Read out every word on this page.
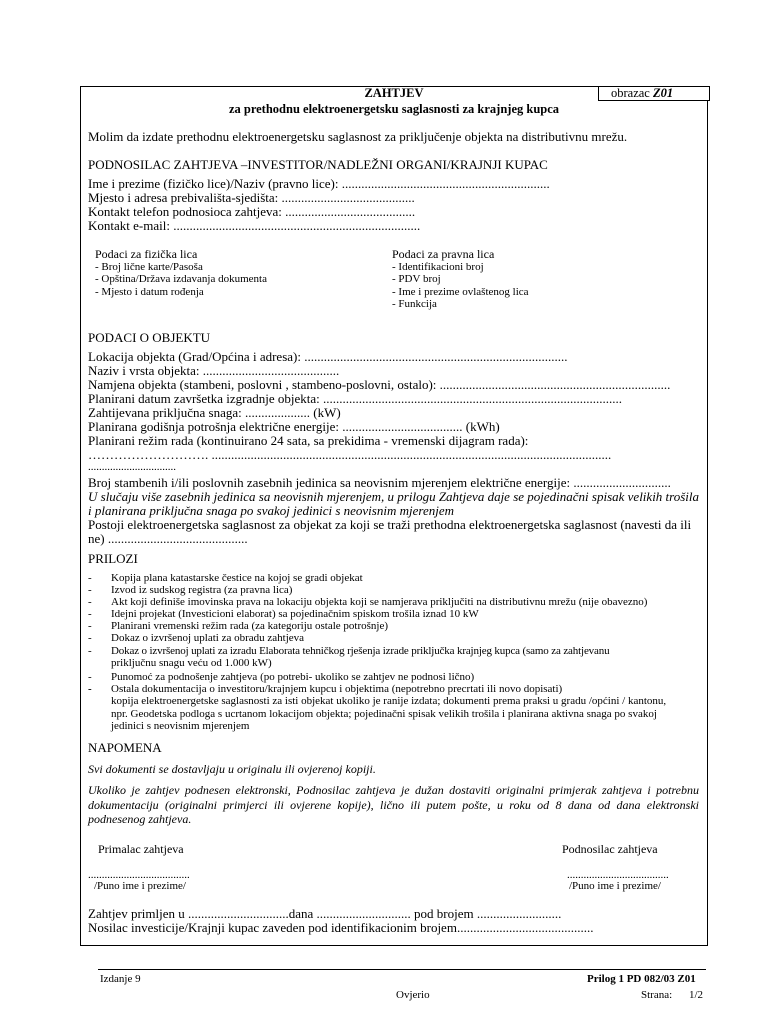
ZAHTJEV	obrazac Z01
za prethodnu elektroenergetsku saglasnosti za krajnjeg kupca
Molim da izdate prethodnu elektroenergetsku saglasnost za priključenje objekta na distributivnu mrežu.
PODNOSILAC ZAHTJEVA –INVESTITOR/NADLEŽNI ORGANI/KRAJNJI KUPAC
Ime i prezime (fizičko lice)/Naziv (pravno lice): ................................................................
Mjesto i adresa prebivališta-sjedišta: .........................................
Kontakt telefon podnosioca zahtjeva: ........................................
Kontakt e-mail: ............................................................................
Podaci za fizička lica
- Broj lične karte/Pasoša
- Opština/Država izdavanja dokumenta
- Mjesto i datum rođenja
Podaci za pravna lica
- Identifikacioni broj
- PDV broj
- Ime i prezime ovlaštenog lica
- Funkcija
PODACI O OBJEKTU
Lokacija objekta (Grad/Općina i adresa): .................................................................................
Naziv i vrsta objekta: ..........................................
Namjena objekta (stambeni, poslovni , stambeno-poslovni, ostalo): .......................................................................
Planirani datum završetka izgradnje objekta: ............................................................................................
Zahtijevana priključna snaga: .................... (kW)
Planirana godišnja potrošnja električne energije: ..................................... (kWh)
Planirani režim rada (kontinuirano 24 sata, sa prekidima - vremenski dijagram rada):
………………………. ...........................................................................................................................
................................
Broj stambenih i/ili poslovnih zasebnih jedinica sa neovisnim mjerenjem električne energije: ..............................
U slučaju više zasebnih jedinica sa neovisnih mjerenjem, u prilogu Zahtjeva daje se pojedinačni spisak velikih trošila
i planirana priključna snaga po svakoj jedinici s neovisnim mjerenjem
Postoji elektroenergetska saglasnost za objekat za koji se traži prethodna elektroenergetska saglasnost (navesti da ili
ne) ...........................................
PRILOZI
- Kopija plana katastarske čestice na kojoj se gradi objekat
- Izvod iz sudskog registra (za pravna lica)
- Akt koji definiše imovinska prava na lokaciju objekta koji se namjerava priključiti na distributivnu mrežu (nije obavezno)
- Idejni projekat (Investicioni elaborat) sa pojedinačnim spiskom trošila iznad 10 kW
- Planirani vremenski režim rada (za kategoriju ostale potrošnje)
- Dokaz o izvršenoj uplati za obradu zahtjeva
- Dokaz o izvršenoj uplati za izradu Elaborata tehničkog rješenja izrade priključka krajnjeg kupca (samo za zahtjevanu
priključnu snagu veću od 1.000 kW)
- Punomoć za podnošenje zahtjeva (po potrebi- ukoliko se zahtjev ne podnosi lično)
- Ostala dokumentacija o investitoru/krajnjem kupcu i objektima (nepotrebno precrtati ili novo dopisati)
kopija elektroenergetske saglasnosti za isti objekat ukoliko je ranije izdata; dokumenti prema praksi u gradu /općini / kantonu,
npr. Geodetska podloga s ucrtanom lokacijom objekta; pojedinačni spisak velikih trošila i planirana aktivna snaga po svakoj
jedinici s neovisnim mjerenjem
NAPOMENA
Svi dokumenti se dostavljaju u originalu ili ovjerenoj kopiji.
Ukoliko je zahtjev podnesen elektronski, Podnosilac zahtjeva je dužan dostaviti originalni primjerak zahtjeva i potrebnu dokumentaciju (originalni primjerci ili ovjerene kopije), lično ili putem pošte, u roku od 8 dana od dana elektronski podnesenog zahtjeva.
Primalac zahtjeva	Podnosilac zahtjeva
.....................................	.....................................
/Puno ime i prezime/	/Puno ime i prezime/
Zahtjev primljen u ...............................dana ............................. pod brojem ..........................
Nosilac investicije/Krajnji kupac zaveden pod identifikacionim brojem..........................................
Izdanje 9	Prilog 1 PD 082/03 Z01
Ovjerio	Strana: 1/2
